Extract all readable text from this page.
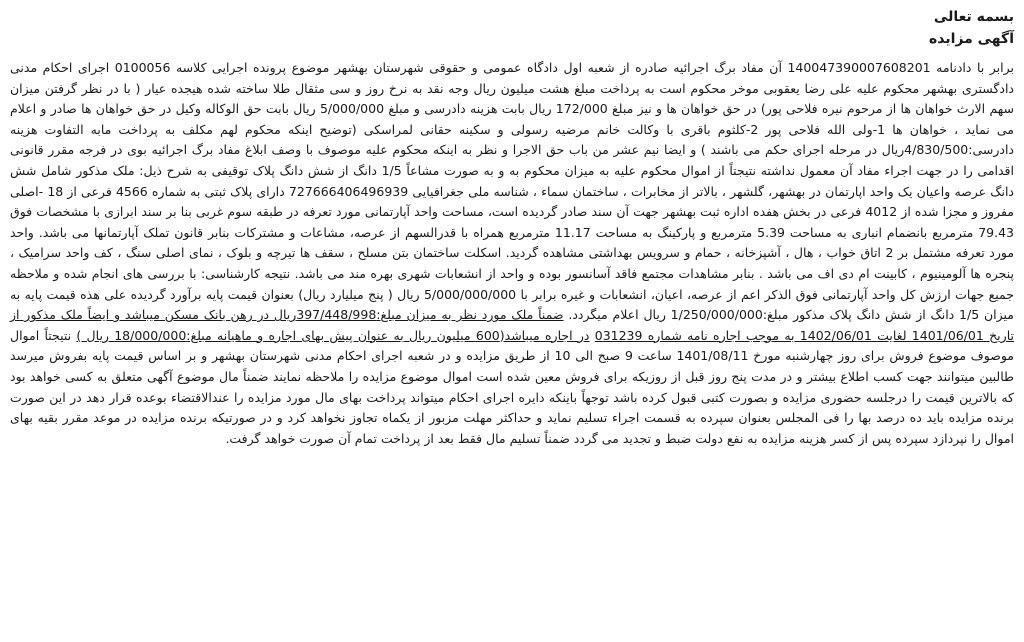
بسمه تعالی

آگهی مزایده

برابر با دادنامه 140047390007608201 آن مفاد برگ اجرائیه صادره از شعبه اول دادگاه عمومی و حقوقی شهرستان بهشهر موضوع پرونده اجرایی کلاسه 0100056 اجرای احکام مدنی دادگستری بهشهر محکوم علیه علی رضا یعقوبی موخر محکوم است به پرداخت مبلغ هشت میلیون ریال وجه نقد به نرخ روز و سی مثقال طلا ساخته شده هیجده عیار ( با در نظر گرفتن میزان سهم الارث خواهان ها از مرحوم نیره فلاحی پور) در حق خواهان ها و نیز مبلغ 172/000 ریال بابت هزینه دادرسی و مبلغ 5/000/000 ریال بابت حق الوکاله وکیل در حق خواهان ها صادر و اعلام می نماید ، خواهان ها 1-ولی الله فلاحی پور 2-کلثوم باقری با وکالت خانم مرضیه رسولی و سکینه حقانی لمراسکی (توضیح اینکه محکوم لهم مکلف به پرداخت مابه التفاوت هزینه دادرسی:4/830/500ریال در مرحله اجرای حکم می باشند ) و ایضا نیم عشر من باب حق الاجرا و نظر به اینکه محکوم علیه موصوف با وصف ابلاغ مفاد برگ اجرائیه بوی در فرجه مقرر قانونی اقدامی را در جهت اجراء مفاد آن معمول نداشته نتیجتاً از اموال محکوم علیه به میزان محکوم به و به صورت مشاعاً 1/5 دانگ از شش دانگ پلاک توقیفی به شرح ذیل: ملک مذکور شامل شش دانگ عرصه واعیان یک واحد اپارتمان در بهشهر، گلشهر ، بالاتر از مخابرات ، ساختمان سماء ، شناسه ملی جغرافیایی 727666406496939 دارای پلاک ثبتی به شماره 4566 فرعی از 18 -اصلی مفروز و مجزا شده از 4012 فرعی در بخش هفده اداره ثبت بهشهر جهت آن سند صادر گردیده است، مساحت واحد آپارتمانی مورد تعرفه در طبقه سوم غربی بنا بر سند ابرازی با مشخصات فوق 79.43 مترمربع بانضمام انباری به مساحت 5.39 مترمربع و پارکینگ به مساحت 11.17 مترمربع همراه با قدرالسهم از عرصه، مشاعات و مشترکات بنابر قانون تملک آپارتمانها می باشد. واحد مورد تعرفه مشتمل بر 2 اتاق خواب ، هال ، آشپزخانه ، حمام و سرویس بهداشتی مشاهده گردید. اسکلت ساختمان بتن مسلح ، سقف ها تیرچه و بلوک ، نمای اصلی سنگ ، کف واحد سرامیک ، پنجره ها آلومینیوم ، کابینت ام دی اف می باشد . بنابر مشاهدات مجتمع فاقد آسانسور بوده و واحد از انشعابات شهری بهره مند می باشد. نتیجه کارشناسی: با بررسی های انجام شده و ملاحظه جمیع جهات ارزش کل واحد آپارتمانی فوق الذکر اعم از عرصه، اعیان، انشعابات و غیره برابر با 5/000/000/000 ریال ( پنج میلیارد ریال) بعنوان قیمت پایه برآورد گردیده علی هذه قیمت پایه به میزان 1/5 دانگ از شش دانگ پلاک مذکور مبلغ:1/250/000/000 ریال اعلام میگردد. ضمناً ملک مورد نظر به میزان مبلغ:397/448/998ریال در رهن بانک مسکن میباشد و ایضاً ملک مذکور از تاریخ 1401/06/01 لغایت 1402/06/01 به موجب اجاره نامه شماره 031239 در اجاره میباشد(600 میلیون ریال به عنوان پیش بهای اجاره و ماهیانه مبلغ:18/000/000 ریال ) نتیجتاً اموال موصوف موضوع فروش برای روز چهارشنبه مورخ 1401/08/11 ساعت 9 صبح الی 10 از طریق مزایده و در شعبه اجرای احکام مدنی شهرستان بهشهر و بر اساس قیمت پایه بفروش میرسد طالبین میتوانند جهت کسب اطلاع بیشتر و در مدت پنج روز قبل از روزیکه برای فروش معین شده است اموال موضوع مزایده را ملاحظه نمایند ضمناً مال موضوع آگهی متعلق به کسی خواهد بود که بالاترین قیمت را درجلسه حضوری مزایده و بصورت کتبی قبول کرده باشد توجهاً باینکه دایره اجرای احکام میتواند پرداخت بهای مال مورد مزایده را عندالاقتضاء بوعده قرار دهد در این صورت برنده مزایده باید ده درصد بها را فی المجلس بعنوان سپرده به قسمت اجراء تسلیم نماید و حداکثر مهلت مزبور از یکماه تجاوز نخواهد کرد و در صورتیکه برنده مزایده در موعد مقرر بقیه بهای اموال را نپردازد سپرده پس از کسر هزینه مزایده به نفع دولت ضبط و تجدید می گردد ضمناً تسلیم مال فقط بعد از پرداخت تمام آن صورت خواهد گرفت.
